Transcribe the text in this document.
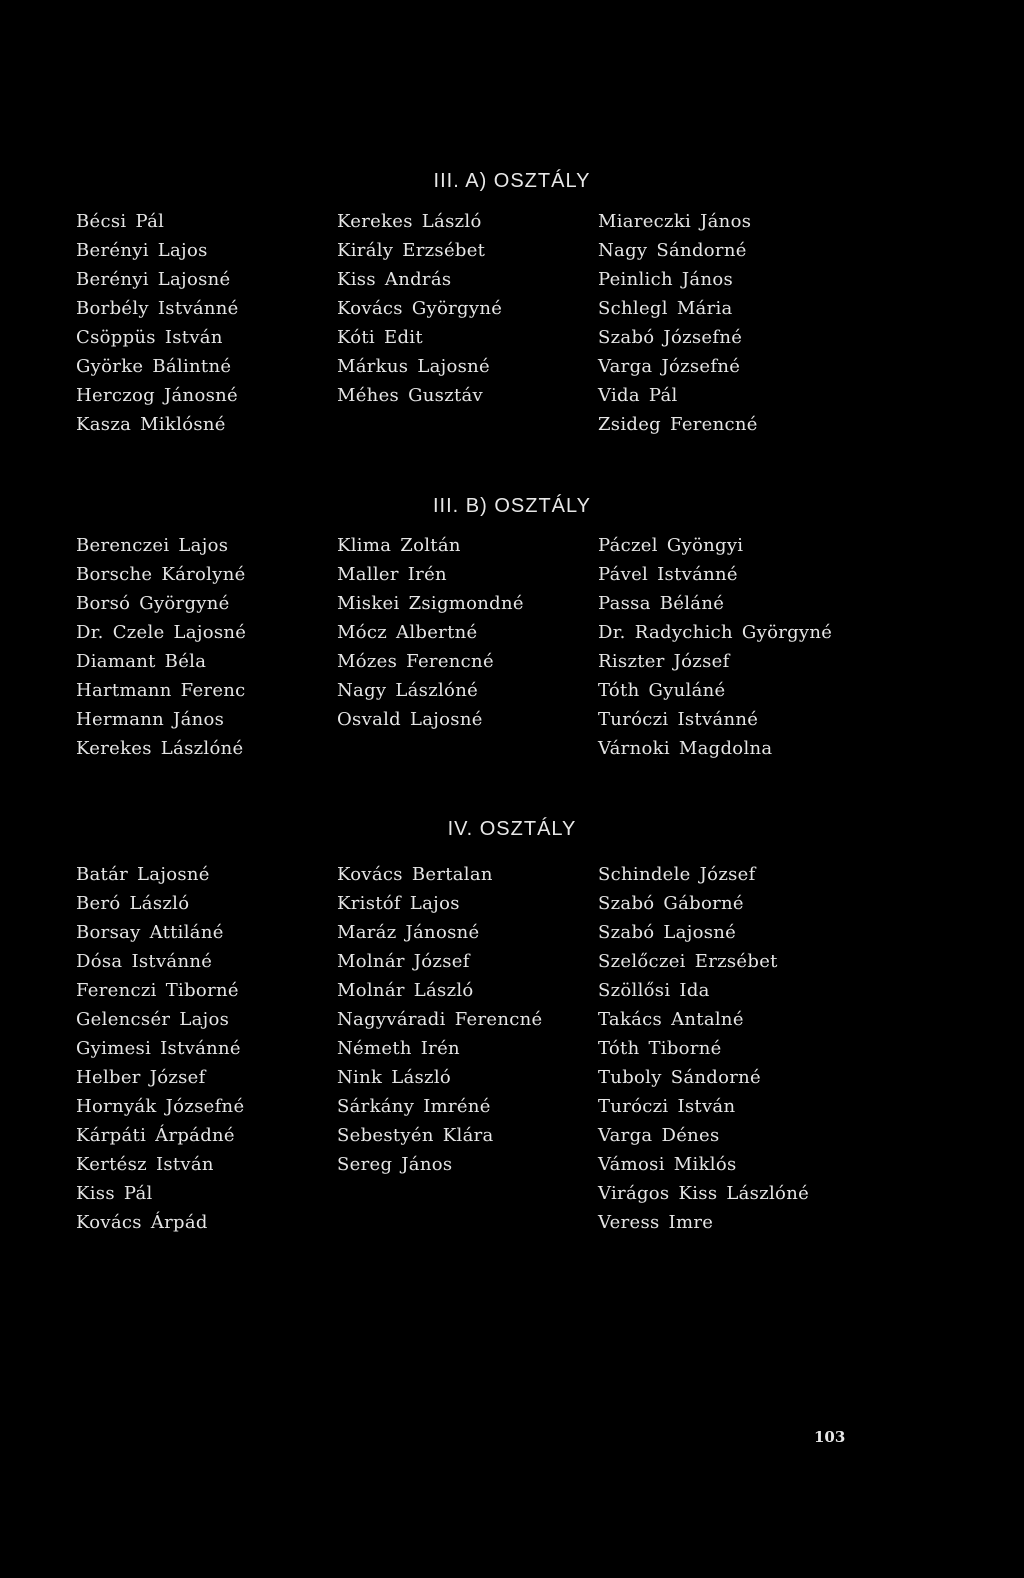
III. A) OSZTÁLY
Bécsi Pál
Berényi Lajos
Berényi Lajosné
Borbély Istvánné
Csöppüs István
Györke Bálintné
Herczog Jánosné
Kasza Miklósné
Kerekes László
Király Erzsébet
Kiss András
Kovács Györgyné
Kóti Edit
Márkus Lajosné
Méhes Gusztáv
Miareczki János
Nagy Sándorné
Peinlich János
Schlegl Mária
Szabó Józsefné
Varga Józsefné
Vida Pál
Zsideg Ferencné
III. B) OSZTÁLY
Berenczei Lajos
Borsche Károlyné
Borsó Györgyné
Dr. Czele Lajosné
Diamant Béla
Hartmann Ferenc
Hermann János
Kerekes Lászlóné
Klima Zoltán
Maller Irén
Miskei Zsigmondné
Mócz Albertné
Mózes Ferencné
Nagy Lászlóné
Osvald Lajosné
Páczel Gyöngyi
Pável Istvánné
Passa Béláné
Dr. Radychich Györgyné
Riszter József
Tóth Gyuláné
Turóczi Istvánné
Várnoki Magdolna
IV. OSZTÁLY
Batár Lajosné
Beró László
Borsay Attiláné
Dósa Istvánné
Ferenczi Tiborné
Gelencsér Lajos
Gyimesi Istvánné
Helber József
Hornyák Józsefné
Kárpáti Árpádné
Kertész István
Kiss Pál
Kovács Árpád
Kovács Bertalan
Kristóf Lajos
Maráz Jánosné
Molnár József
Molnár László
Nagyváradi Ferencné
Németh Irén
Nink László
Sárkány Imréné
Sebestyén Klára
Sereg János
Schindele József
Szabó Gáborné
Szabó Lajosné
Szelőczei Erzsébet
Szöllősi Ida
Takács Antalné
Tóth Tiborné
Tuboly Sándorné
Turóczi István
Varga Dénes
Vámosi Miklós
Virágos Kiss Lászlóné
Veress Imre
103
